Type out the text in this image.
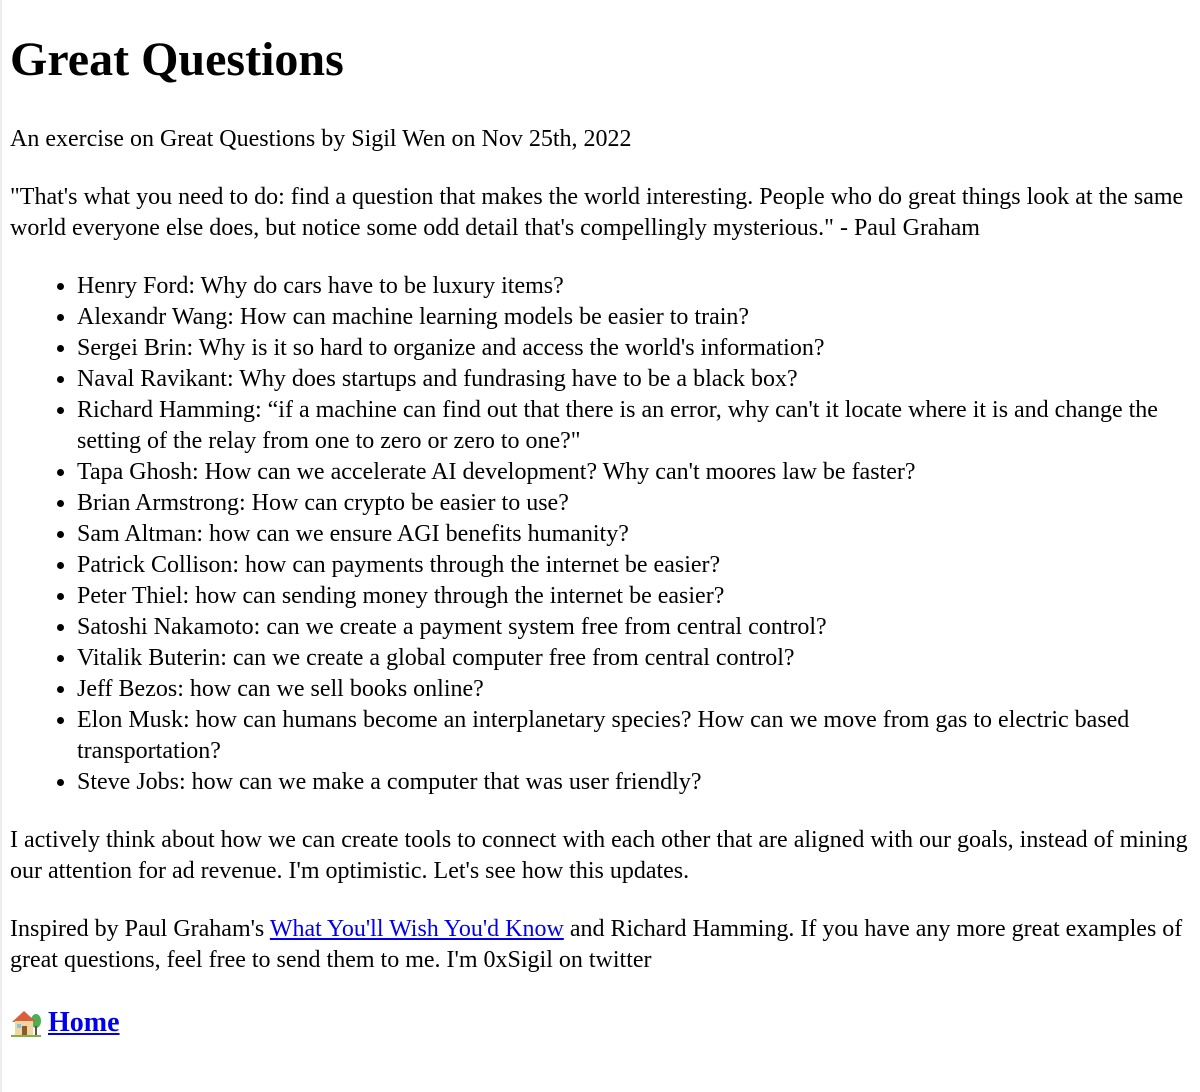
Great Questions

An exercise on Great Questions by Sigil Wen on Nov 25th, 2022

"That's what you need to do: find a question that makes the world interesting. People who do great things look at the same world everyone else does, but notice some odd detail that's compellingly mysterious." - Paul Graham

• Henry Ford: Why do cars have to be luxury items?
• Alexandr Wang: How can machine learning models be easier to train?
• Sergei Brin: Why is it so hard to organize and access the world's information?
• Naval Ravikant: Why does startups and fundrasing have to be a black box?
• Richard Hamming: “if a machine can find out that there is an error, why can't it locate where it is and change the setting of the relay from one to zero or zero to one?"
• Tapa Ghosh: How can we accelerate AI development? Why can't moores law be faster?
• Brian Armstrong: How can crypto be easier to use?
• Sam Altman: how can we ensure AGI benefits humanity?
• Patrick Collison: how can payments through the internet be easier?
• Peter Thiel: how can sending money through the internet be easier?
• Satoshi Nakamoto: can we create a payment system free from central control?
• Vitalik Buterin: can we create a global computer free from central control?
• Jeff Bezos: how can we sell books online?
• Elon Musk: how can humans become an interplanetary species? How can we move from gas to electric based transportation?
• Steve Jobs: how can we make a computer that was user friendly?

I actively think about how we can create tools to connect with each other that are aligned with our goals, instead of mining our attention for ad revenue. I'm optimistic. Let's see how this updates.

Inspired by Paul Graham's What You'll Wish You'd Know and Richard Hamming. If you have any more great examples of great questions, feel free to send them to me. I'm 0xSigil on twitter

Home
